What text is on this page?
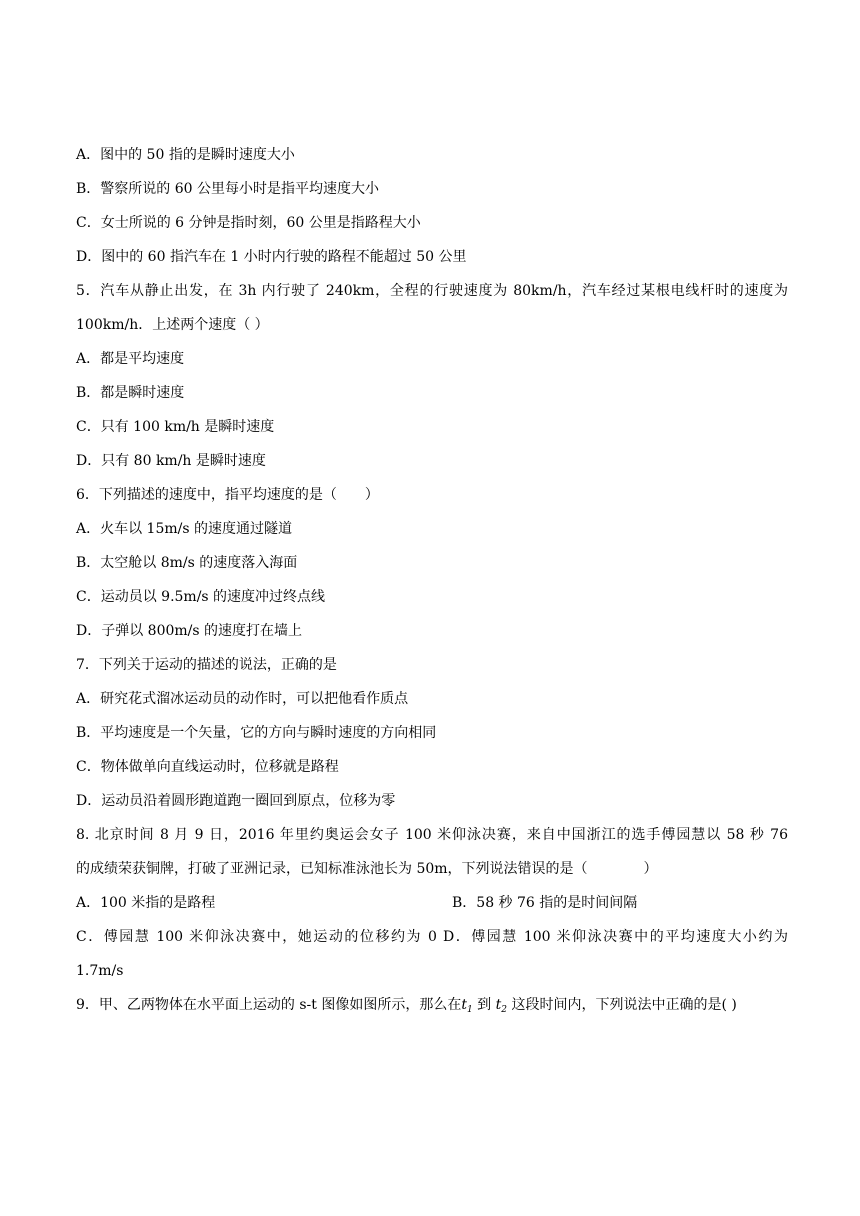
A．图中的 50 指的是瞬时速度大小
B．警察所说的 60 公里每小时是指平均速度大小
C．女士所说的 6 分钟是指时刻，60 公里是指路程大小
D．图中的 60 指汽车在 1 小时内行驶的路程不能超过 50 公里
5．汽车从静止出发，在 3h 内行驶了 240km，全程的行驶速度为 80km/h，汽车经过某根电线杆时的速度为
100km/h．上述两个速度（ ）
A．都是平均速度
B．都是瞬时速度
C．只有 100 km/h 是瞬时速度
D．只有 80 km/h 是瞬时速度
6．下列描述的速度中，指平均速度的是（　　）
A．火车以 15m/s 的速度通过隧道
B．太空舱以 8m/s 的速度落入海面
C．运动员以 9.5m/s 的速度冲过终点线
D．子弹以 800m/s 的速度打在墙上
7．下列关于运动的描述的说法，正确的是
A．研究花式溜冰运动员的动作时，可以把他看作质点
B．平均速度是一个矢量，它的方向与瞬时速度的方向相同
C．物体做单向直线运动时，位移就是路程
D．运动员沿着圆形跑道跑一圈回到原点，位移为零
8. 北京时间 8 月 9 日，2016 年里约奥运会女子 100 米仰泳决赛，来自中国浙江的选手傅园慧以 58 秒 76
的成绩荣获铜牌，打破了亚洲记录，已知标准泳池长为 50m，下列说法错误的是（　　　　）
A．100 米指的是路程	B．58 秒 76 指的是时间间隔
C．傅园慧 100 米仰泳决赛中，她运动的位移约为 0 D．傅园慧 100 米仰泳决赛中的平均速度大小约为
1.7m/s
9．甲、乙两物体在水平面上运动的 s-t 图像如图所示，那么在$t_1$ 到 $t_2$ 这段时间内，下列说法中正确的是( )
